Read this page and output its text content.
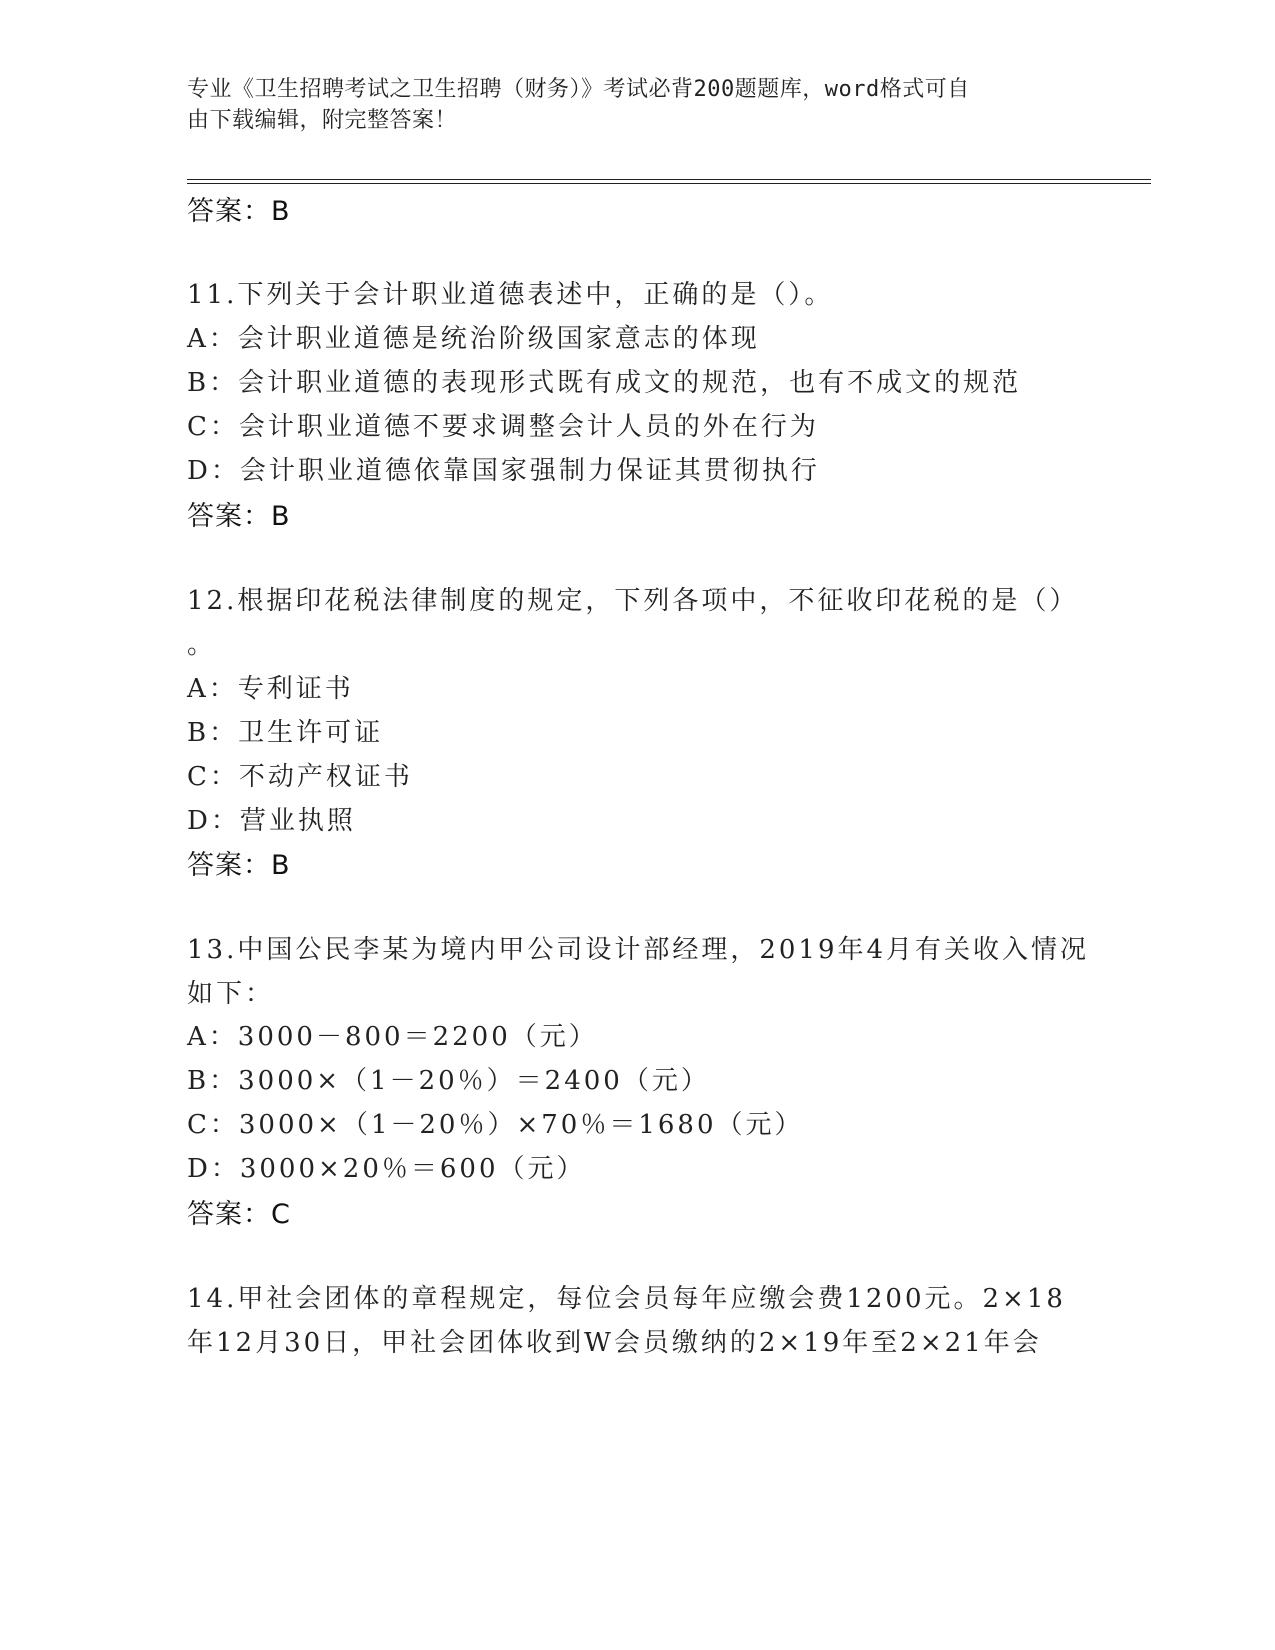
专业《卫生招聘考试之卫生招聘（财务）》考试必背200题题库，word格式可自
由下载编辑，附完整答案！
答案：B
11.下列关于会计职业道德表述中，正确的是（）。
A：会计职业道德是统治阶级国家意志的体现
B：会计职业道德的表现形式既有成文的规范，也有不成文的规范
C：会计职业道德不要求调整会计人员的外在行为
D：会计职业道德依靠国家强制力保证其贯彻执行
答案：B
12.根据印花税法律制度的规定，下列各项中，不征收印花税的是（）
。
A：专利证书
B：卫生许可证
C：不动产权证书
D：营业执照
答案：B
13.中国公民李某为境内甲公司设计部经理，2019年4月有关收入情况
如下：
A：3000－800＝2200（元）
B：3000×（1－20％）＝2400（元）
C：3000×（1－20％）×70％＝1680（元）
D：3000×20％＝600（元）
答案：C
14.甲社会团体的章程规定，每位会员每年应缴会费1200元。2×18
年12月30日，甲社会团体收到W会员缴纳的2×19年至2×21年会
